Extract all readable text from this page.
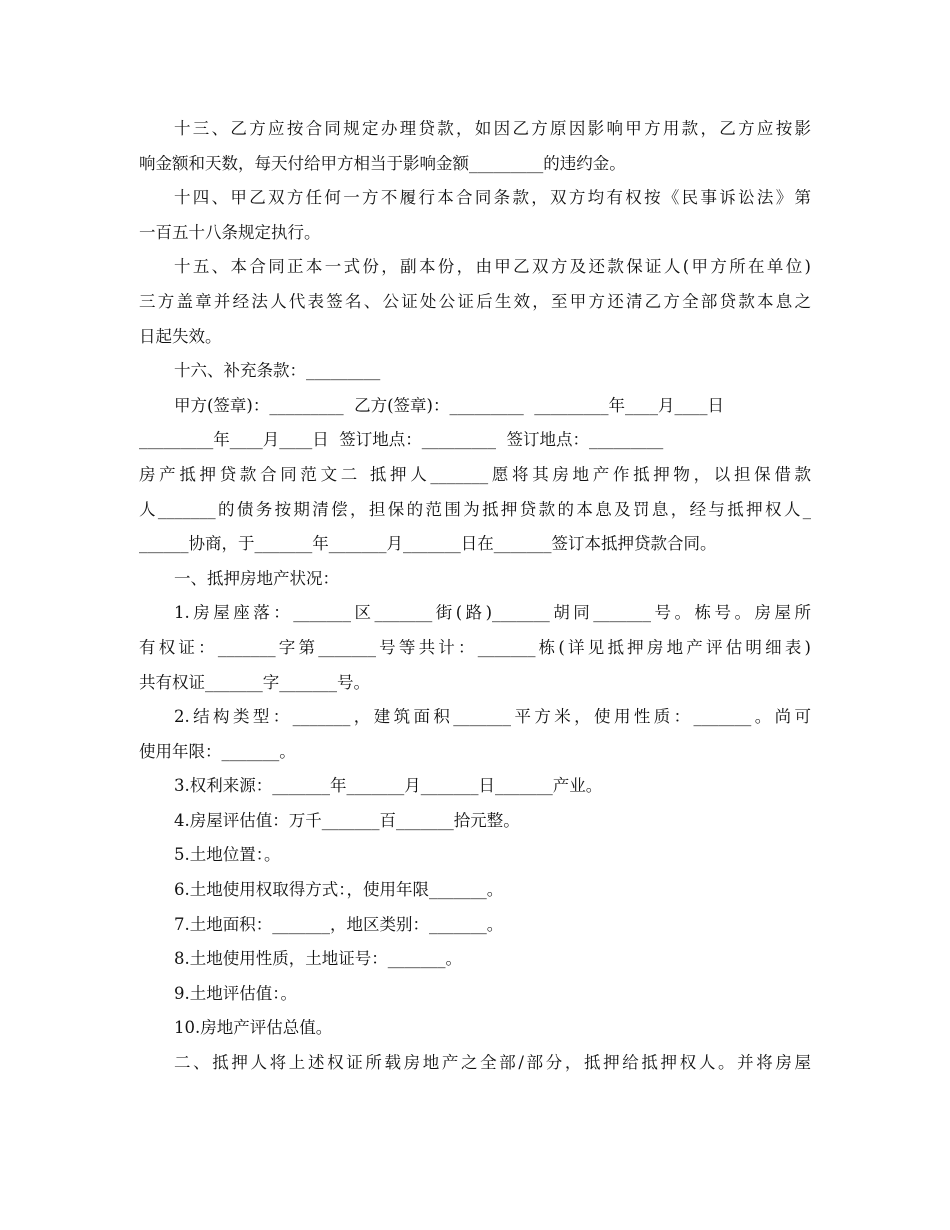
十三、乙方应按合同规定办理贷款，如因乙方原因影响甲方用款，乙方应按影
响金额和天数，每天付给甲方相当于影响金额_________的违约金。
十四、甲乙双方任何一方不履行本合同条款，双方均有权按《民事诉讼法》第
一百五十八条规定执行。
十五、本合同正本一式份，副本份，由甲乙双方及还款保证人(甲方所在单位)
三方盖章并经法人代表签名、公证处公证后生效，至甲方还清乙方全部贷款本息之
日起失效。
十六、补充条款：_________
甲方(签章)：_________  乙方(签章)：_________  _________年____月____日
_________年____月____日  签订地点：_________  签订地点：_________
房产抵押贷款合同范文二 抵押人_______愿将其房地产作抵押物，以担保借款
人_______的债务按期清偿，担保的范围为抵押贷款的本息及罚息，经与抵押权人_
______协商，于_______年_______月_______日在_______签订本抵押贷款合同。
一、抵押房地产状况：
1.房屋座落：_______区_______街(路)_______胡同_______号。栋号。房屋所
有权证：_______字第_______号等共计：_______栋(详见抵押房地产评估明细表)
共有权证_______字_______号。
2.结构类型：_______，建筑面积_______平方米，使用性质：_______。尚可
使用年限：_______。
3.权利来源：_______年_______月_______日_______产业。
4.房屋评估值：万千_______百_______拾元整。
5.土地位置：。
6.土地使用权取得方式：，使用年限_______。
7.土地面积：_______，地区类别：_______。
8.土地使用性质，土地证号：_______。
9.土地评估值：。
10.房地产评估总值。
二、抵押人将上述权证所载房地产之全部/部分，抵押给抵押权人。并将房屋
